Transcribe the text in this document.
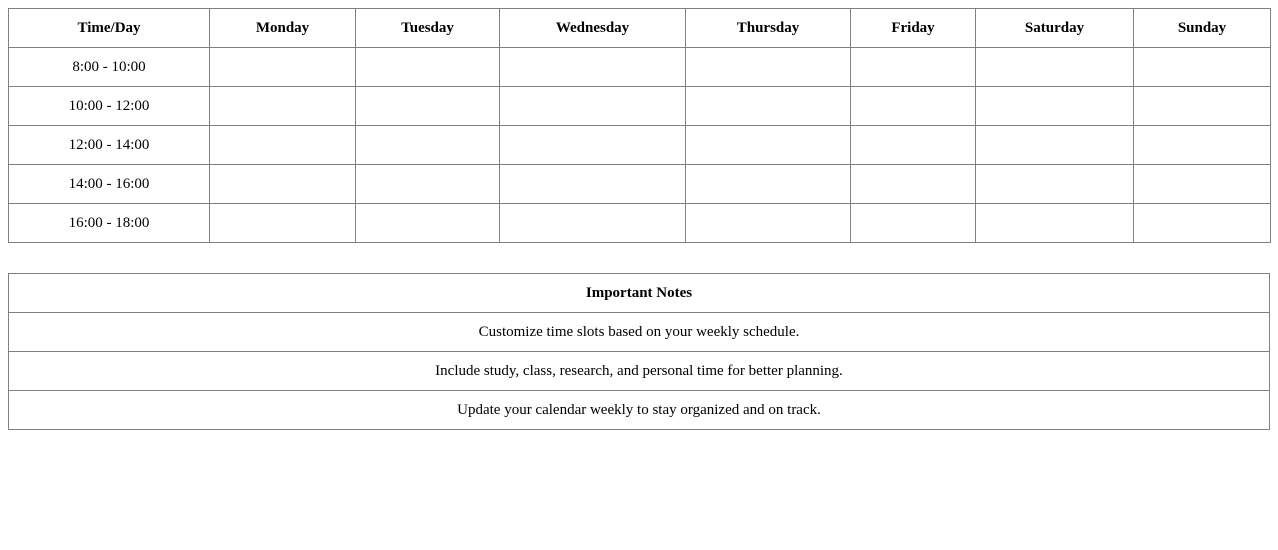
Time/Day	Monday	Tuesday	Wednesday	Thursday	Friday	Saturday	Sunday
8:00 - 10:00							
10:00 - 12:00							
12:00 - 14:00							
14:00 - 16:00							
16:00 - 18:00							
Important Notes
Customize time slots based on your weekly schedule.
Include study, class, research, and personal time for better planning.
Update your calendar weekly to stay organized and on track.
